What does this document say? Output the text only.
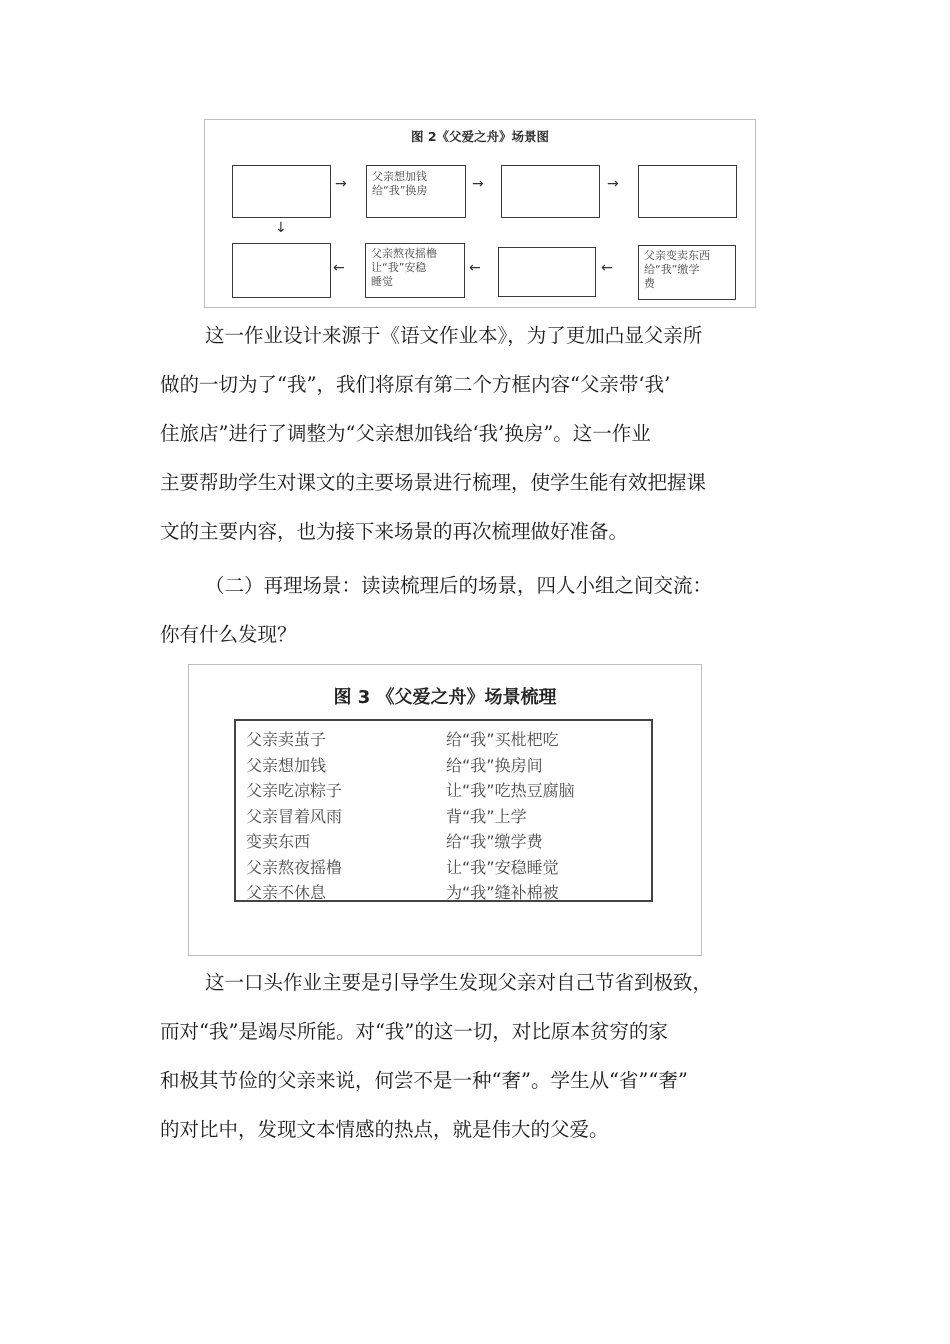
图 2《父爱之舟》场景图
→ 父亲想加钱
给“我”换房	→	→
↓
←
父亲熬夜摇橹
让“我”安稳
睡觉
←	←
父亲变卖东西
给“我”缴学
费

这一作业设计来源于《语文作业本》，为了更加凸显父亲所
做的一切为了“我”，我们将原有第二个方框内容“父亲带‘我’
住旅店”进行了调整为“父亲想加钱给‘我’换房”。这一作业
主要帮助学生对课文的主要场景进行梳理，使学生能有效把握课
文的主要内容，也为接下来场景的再次梳理做好准备。

（二）再理场景：读读梳理后的场景，四人小组之间交流：
你有什么发现？

图 3 《父爱之舟》场景梳理
父亲卖茧子	给“我”买枇杷吃
父亲想加钱	给“我”换房间
父亲吃凉粽子	让“我”吃热豆腐脑
父亲冒着风雨	背“我”上学
变卖东西	给“我”缴学费
父亲熬夜摇橹	让“我”安稳睡觉
父亲不休息	为“我”缝补棉被

这一口头作业主要是引导学生发现父亲对自己节省到极致，
而对“我”是竭尽所能。对“我”的这一切，对比原本贫穷的家
和极其节俭的父亲来说，何尝不是一种“奢”。学生从“省”“奢”
的对比中，发现文本情感的热点，就是伟大的父爱。
